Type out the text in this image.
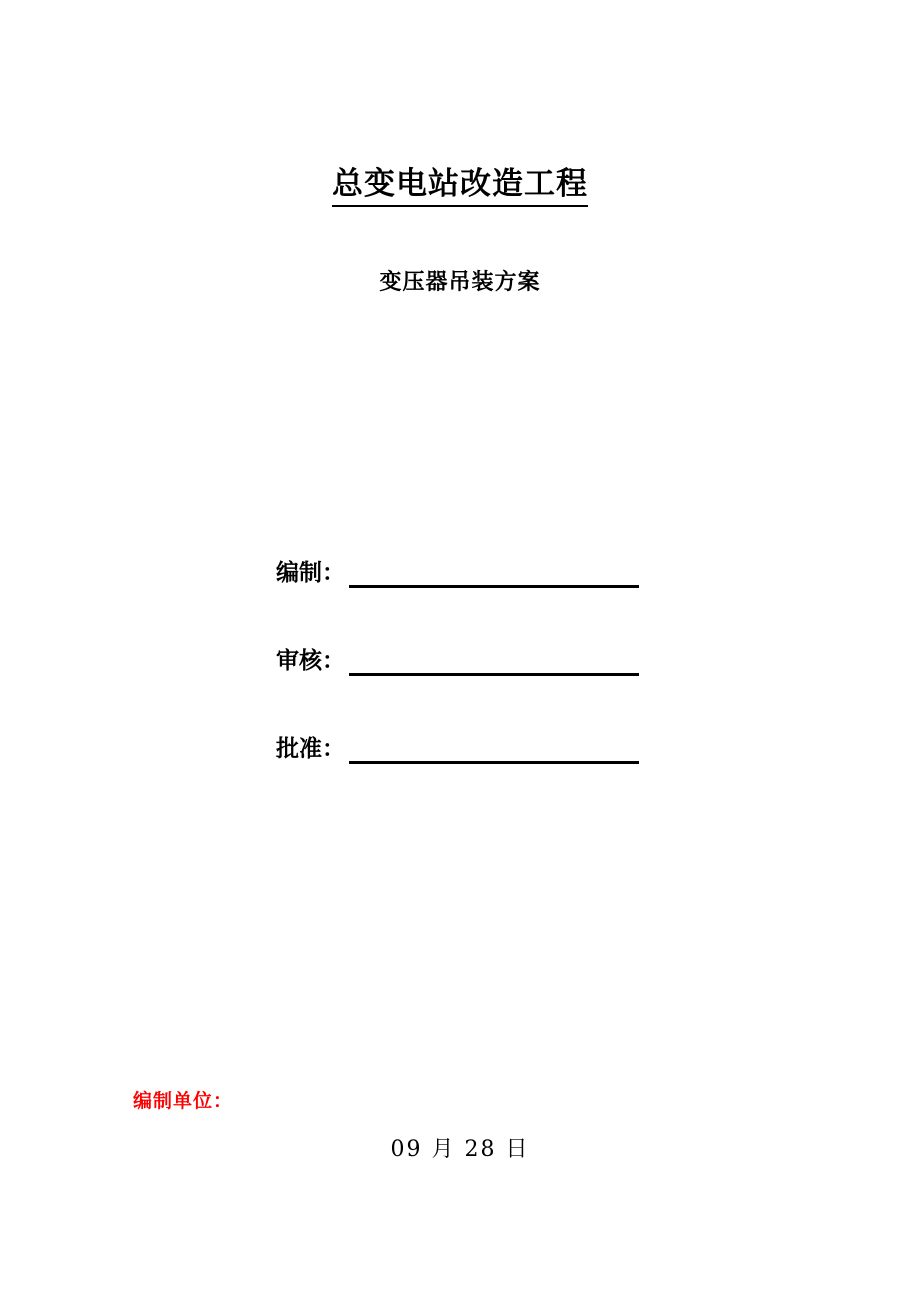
总变电站改造工程
变压器吊装方案
编制：
审核：
批准：
编制单位：
09 月 28 日
